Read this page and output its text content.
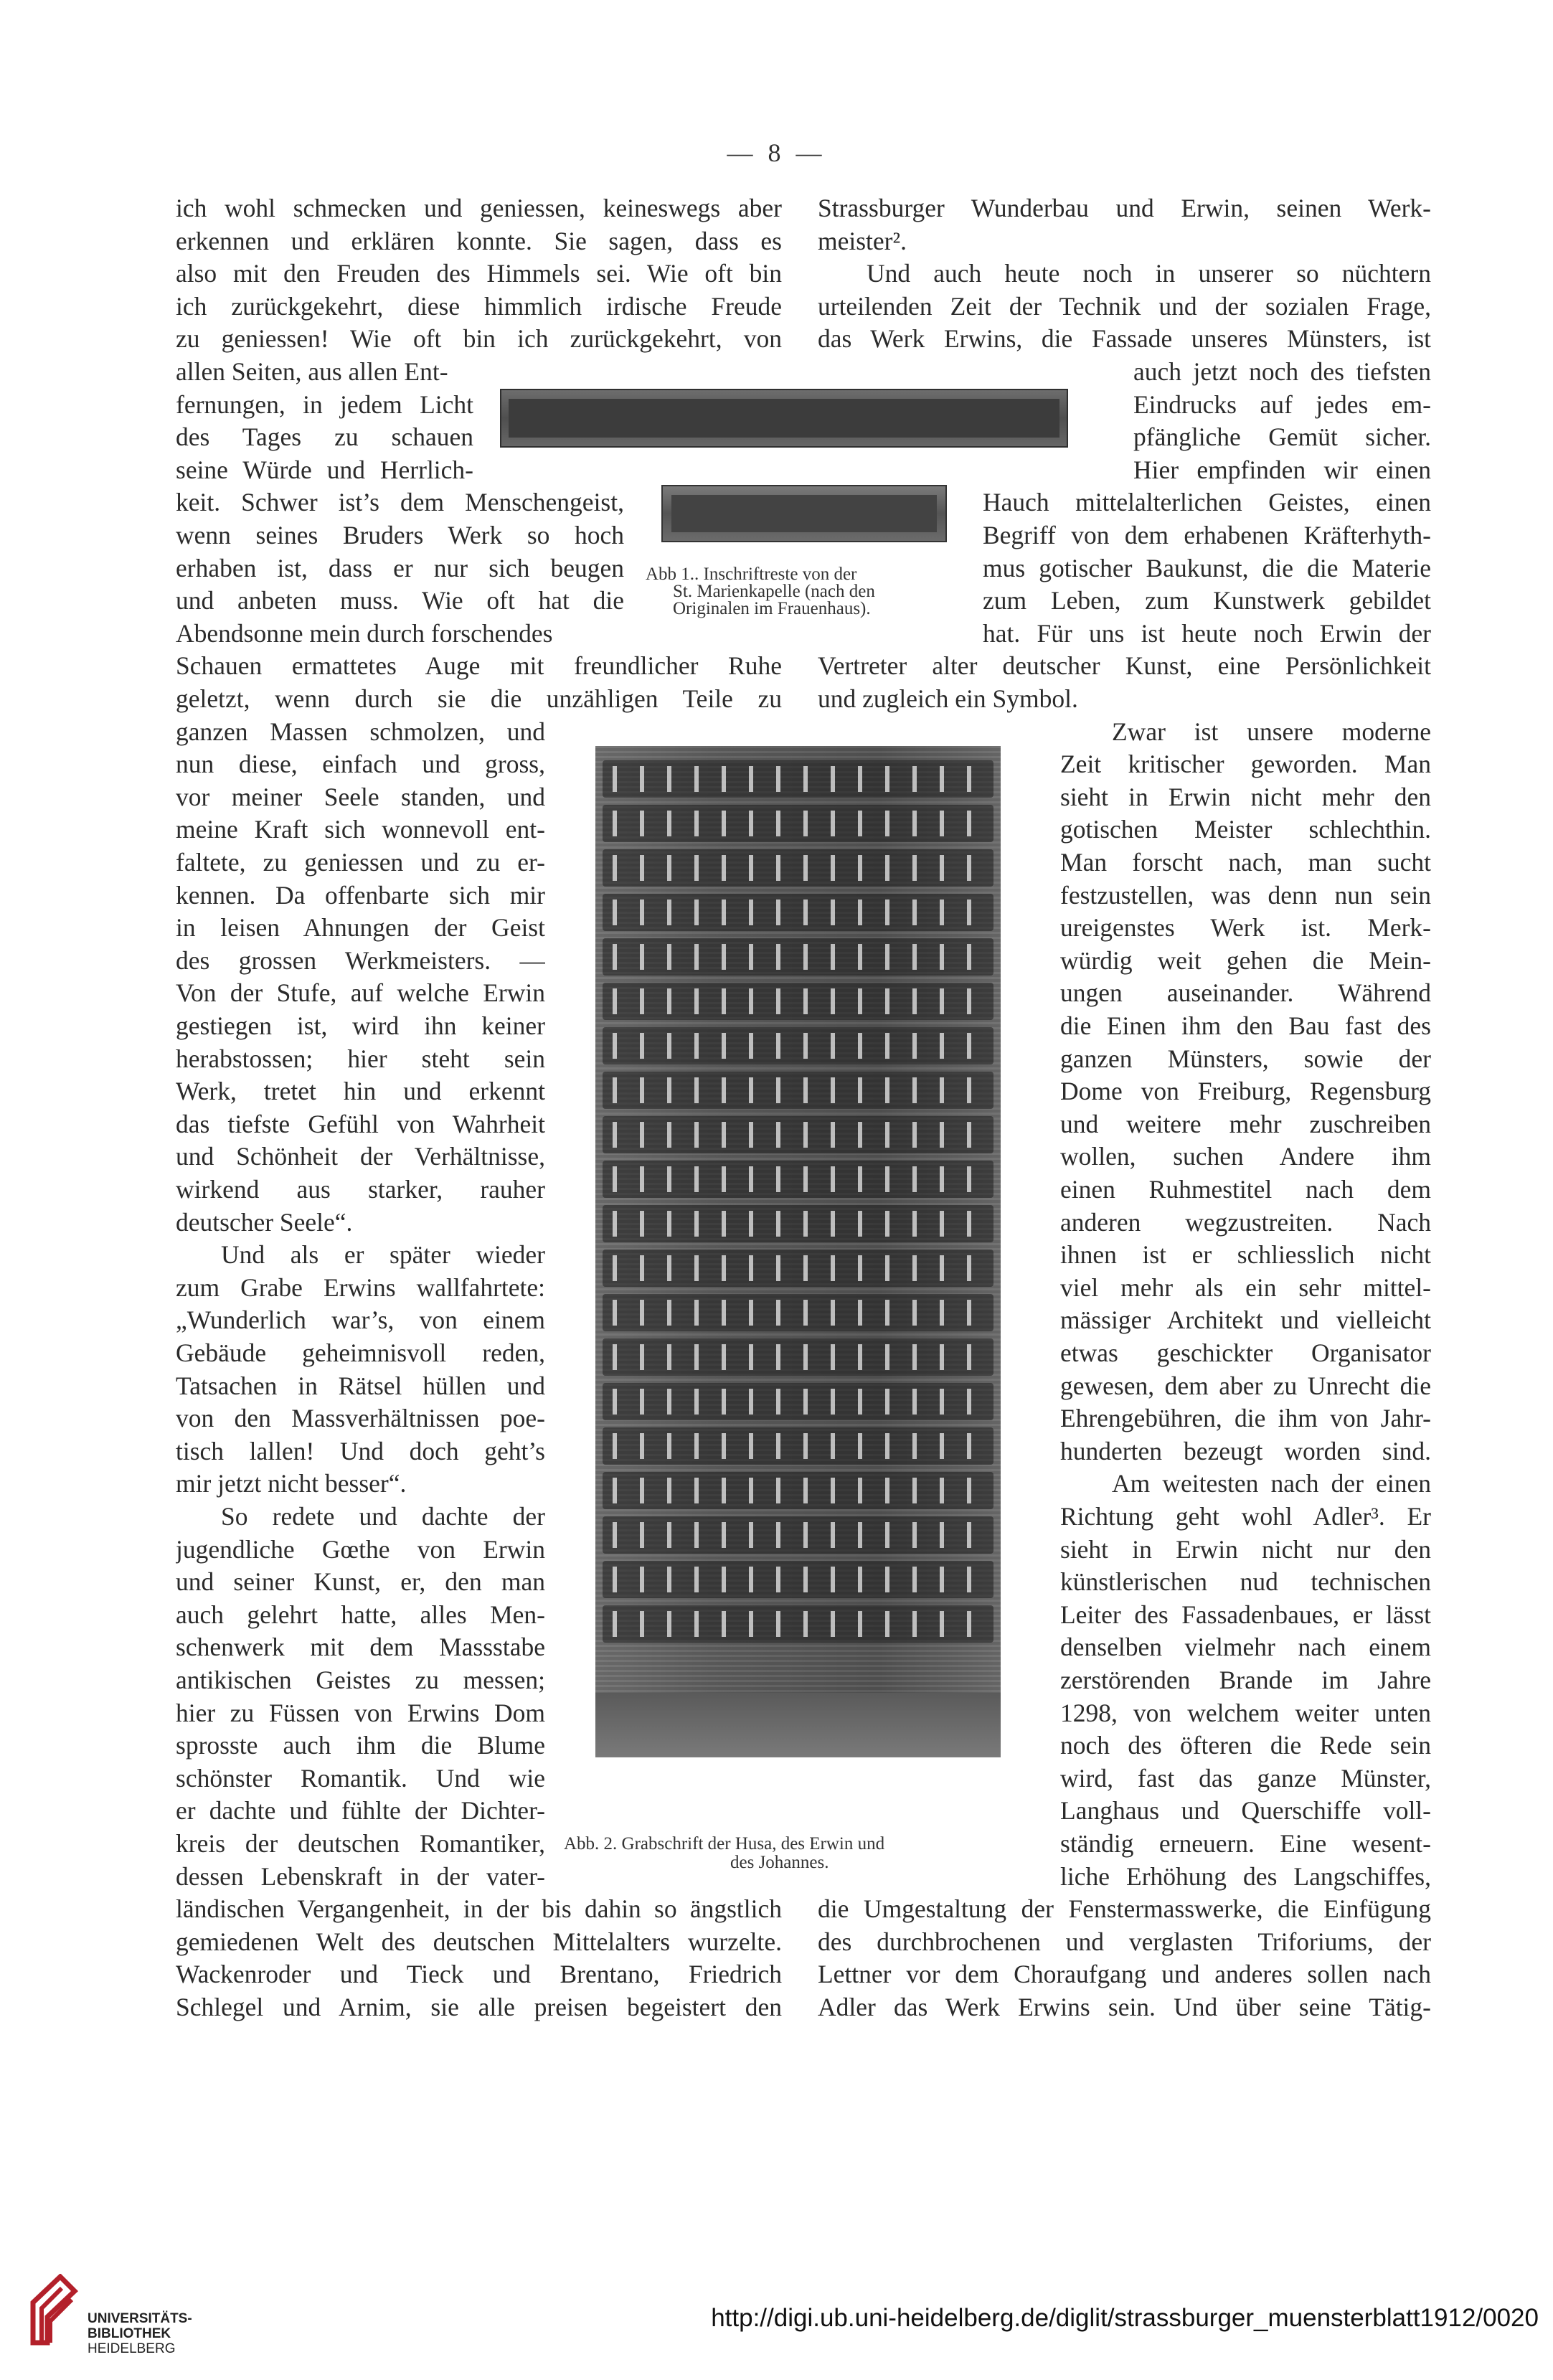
— 8 —
ich wohl schmecken und geniessen, keineswegs aber
erkennen und erklären konnte. Sie sagen, dass es
also mit den Freuden des Himmels sei. Wie oft bin
ich zurückgekehrt, diese himmlich irdische Freude
zu geniessen! Wie oft bin ich zurückgekehrt, von
allen Seiten, aus allen Ent-
fernungen, in jedem Licht
des Tages zu schauen
seine Würde und Herrlich-
keit. Schwer ist’s dem Menschengeist,
wenn seines Bruders Werk so hoch
erhaben ist, dass er nur sich beugen
und anbeten muss. Wie oft hat die
Abendsonne mein durch forschendes
Schauen ermattetes Auge mit freundlicher Ruhe
geletzt, wenn durch sie die unzähligen Teile zu
ganzen Massen schmolzen, und
nun diese, einfach und gross,
vor meiner Seele standen, und
meine Kraft sich wonnevoll ent-
faltete, zu geniessen und zu er-
kennen. Da offenbarte sich mir
in leisen Ahnungen der Geist
des grossen Werkmeisters. —
Von der Stufe, auf welche Erwin
gestiegen ist, wird ihn keiner
herabstossen; hier steht sein
Werk, tretet hin und erkennt
das tiefste Gefühl von Wahrheit
und Schönheit der Verhältnisse,
wirkend aus starker, rauher
deutscher Seele“.
Und als er später wieder
zum Grabe Erwins wallfahrtete:
„Wunderlich war’s, von einem
Gebäude geheimnisvoll reden,
Tatsachen in Rätsel hüllen und
von den Massverhältnissen poe-
tisch lallen! Und doch geht’s
mir jetzt nicht besser“.
So redete und dachte der
jugendliche Gœthe von Erwin
und seiner Kunst, er, den man
auch gelehrt hatte, alles Men-
schenwerk mit dem Massstabe
antikischen Geistes zu messen;
hier zu Füssen von Erwins Dom
sprosste auch ihm die Blume
schönster Romantik. Und wie
er dachte und fühlte der Dichter-
kreis der deutschen Romantiker,
dessen Lebenskraft in der vater-
ländischen Vergangenheit, in der bis dahin so ängstlich
gemiedenen Welt des deutschen Mittelalters wurzelte.
Wackenroder und Tieck und Brentano, Friedrich
Schlegel und Arnim, sie alle preisen begeistert den
Strassburger Wunderbau und Erwin, seinen Werk-
meister².
Und auch heute noch in unserer so nüchtern
urteilenden Zeit der Technik und der sozialen Frage,
das Werk Erwins, die Fassade unseres Münsters, ist
auch jetzt noch des tiefsten
Eindrucks auf jedes em-
pfängliche Gemüt sicher.
Hier empfinden wir einen
Hauch mittelalterlichen Geistes, einen
Begriff von dem erhabenen Kräfterhyth-
mus gotischer Baukunst, die die Materie
zum Leben, zum Kunstwerk gebildet
hat. Für uns ist heute noch Erwin der
Vertreter alter deutscher Kunst, eine Persönlichkeit
und zugleich ein Symbol.
Zwar ist unsere moderne
Zeit kritischer geworden. Man
sieht in Erwin nicht mehr den
gotischen Meister schlechthin.
Man forscht nach, man sucht
festzustellen, was denn nun sein
ureigenstes Werk ist. Merk-
würdig weit gehen die Mein-
ungen auseinander. Während
die Einen ihm den Bau fast des
ganzen Münsters, sowie der
Dome von Freiburg, Regensburg
und weitere mehr zuschreiben
wollen, suchen Andere ihm
einen Ruhmestitel nach dem
anderen wegzustreiten. Nach
ihnen ist er schliesslich nicht
viel mehr als ein sehr mittel-
mässiger Architekt und vielleicht
etwas geschickter Organisator
gewesen, dem aber zu Unrecht die
Ehrengebühren, die ihm von Jahr-
hunderten bezeugt worden sind.
Am weitesten nach der einen
Richtung geht wohl Adler³. Er
sieht in Erwin nicht nur den
künstlerischen nud technischen
Leiter des Fassadenbaues, er lässt
denselben vielmehr nach einem
zerstörenden Brande im Jahre
1298, von welchem weiter unten
noch des öfteren die Rede sein
wird, fast das ganze Münster,
Langhaus und Querschiffe voll-
ständig erneuern. Eine wesent-
liche Erhöhung des Langschiffes,
die Umgestaltung der Fenstermasswerke, die Einfügung
des durchbrochenen und verglasten Triforiums, der
Lettner vor dem Choraufgang und anderes sollen nach
Adler das Werk Erwins sein. Und über seine Tätig-
Abb 1.. Inschriftreste von der
St. Marienkapelle (nach den
Originalen im Frauenhaus).
Abb. 2. Grabschrift der Husa, des Erwin und
des Johannes.
UNIVERSITÄTS-
BIBLIOTHEK
HEIDELBERG
http://digi.ub.uni-heidelberg.de/diglit/strassburger_muensterblatt1912/0020
